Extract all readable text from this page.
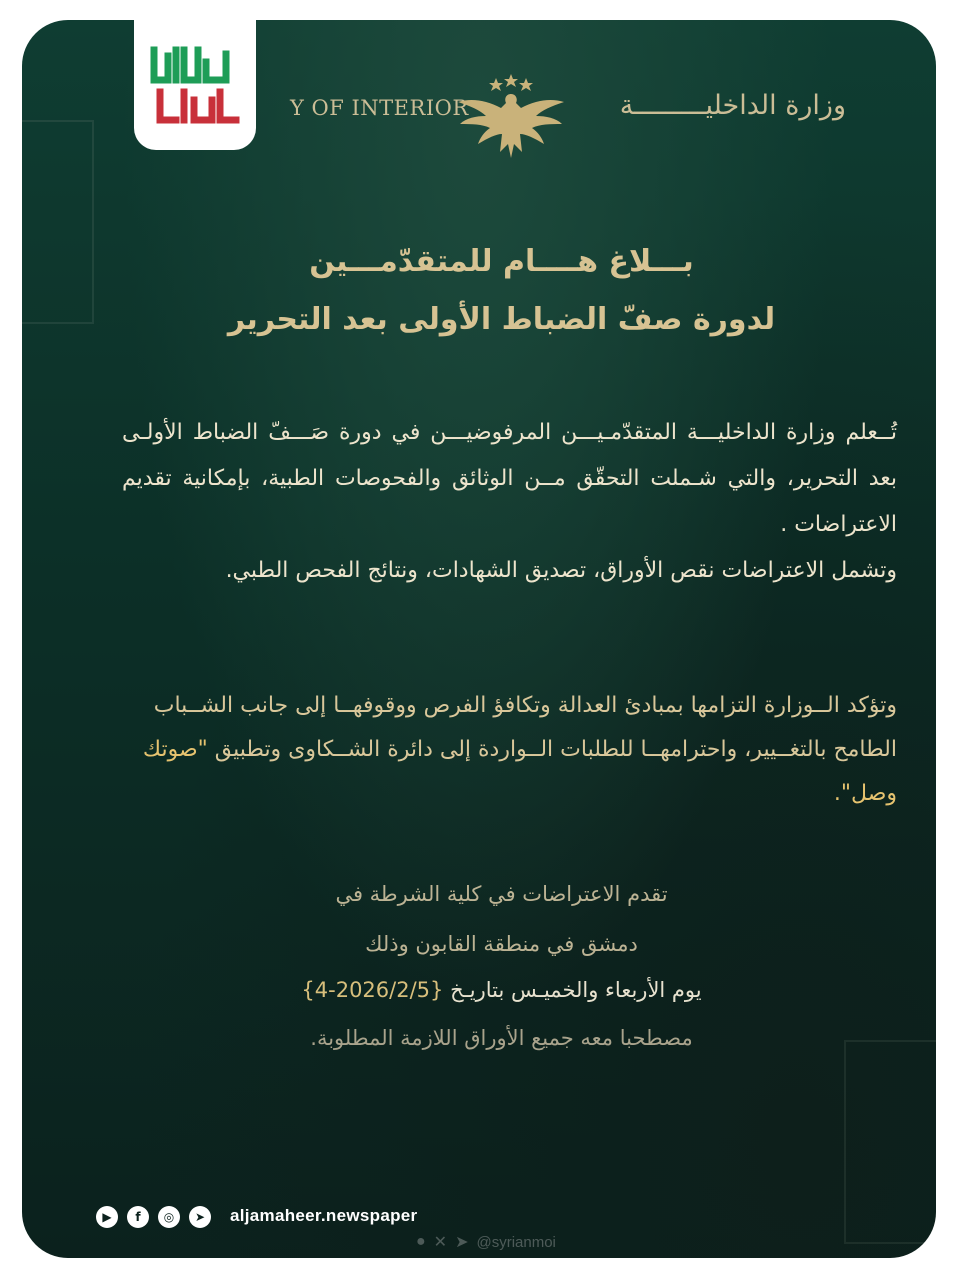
Y OF INTERIOR	وزارة الداخليـــــــــة
بـــلاغ هــــام للمتقدّمـــين
لدورة صفّ الضباط الأولى بعد التحرير
تُــعلم وزارة الداخليـــة المتقدّمـيـــن المرفوضيـــن في دورة صَـــفّ الضباط الأولـى بعد التحرير، والتي شـملت التحقّق مــن الوثائق والفحوصات الطبية، بإمكانية تقديم الاعتراضات .
وتشمل الاعتراضات نقص الأوراق، تصديق الشهادات، ونتائج الفحص الطبي.
وتؤكد الــوزارة التزامها بمبادئ العدالة وتكافؤ الفرص ووقوفهــا إلى جانب الشــباب الطامح بالتغــيير، واحترامهــا للطلبات الــواردة إلى دائرة الشــكاوى وتطبيق "صوتك وصل".
تقدم الاعتراضات في كلية الشرطة في
دمشق في منطقة القابون وذلك
يوم الأربعاء والخميـس بتاريـخ {2026/2/5-4}
مصطحبا معه جميع الأوراق اللازمة المطلوبة.
▶	f	◎	➤	aljamaheer.newspaper
● ✕ ➤ @syrianmoi
